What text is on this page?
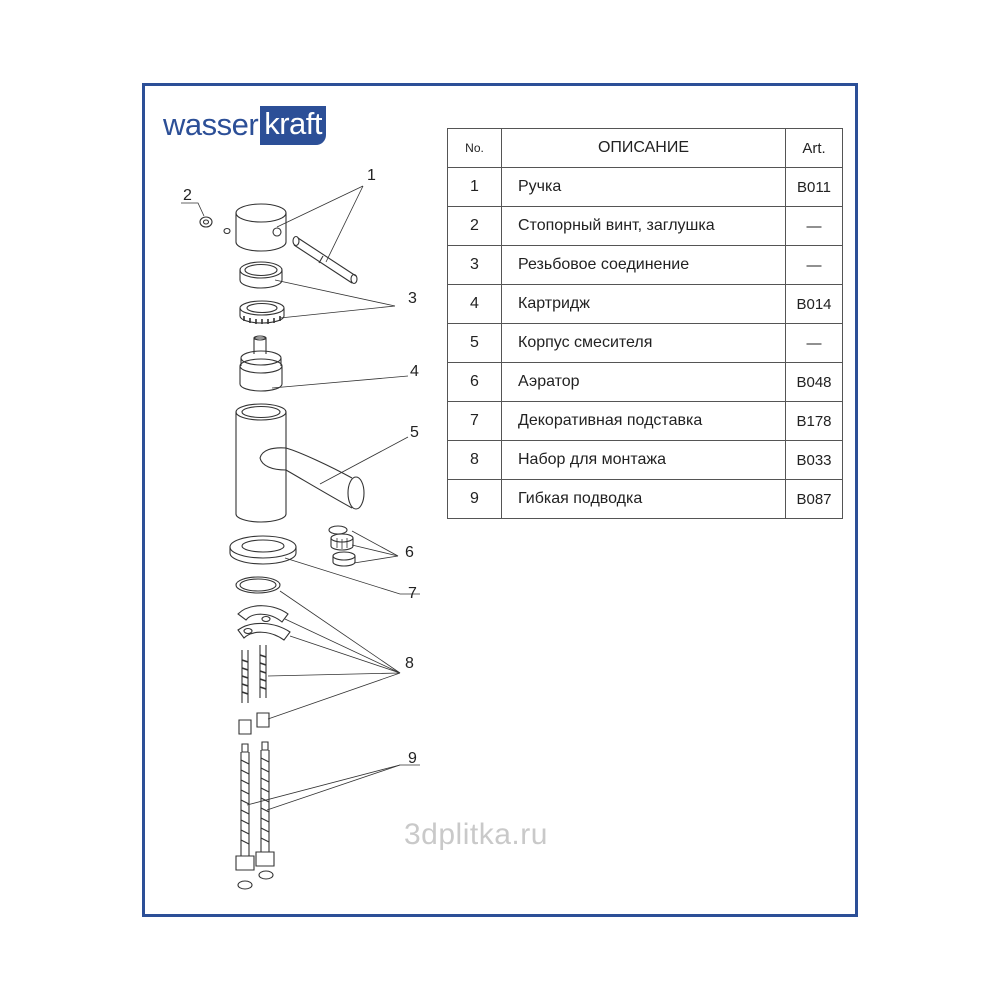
wasser kraft
No.	ОПИСАНИЕ	Art.
1	Ручка	B011
2	Стопорный винт, заглушка	—
3	Резьбовое соединение	—
4	Картридж	B014
5	Корпус смесителя	—
6	Аэратор	B048
7	Декоративная подставка	B178
8	Набор для монтажа	B033
9	Гибкая подводка	B087
1
2
3
4
5
6
7
8
9
3dplitka.ru
